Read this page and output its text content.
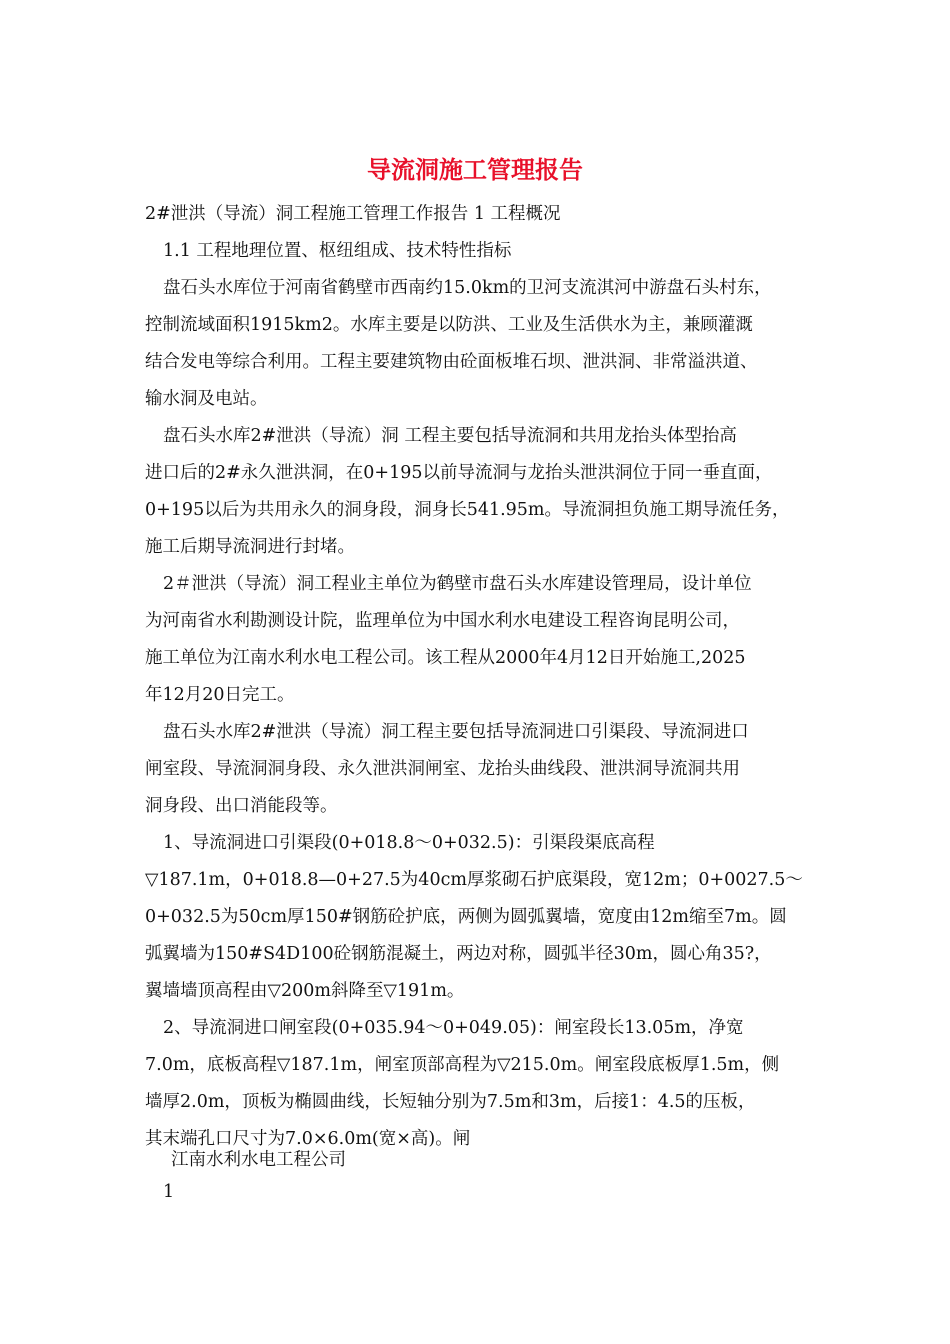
导流洞施工管理报告
2#泄洪（导流）洞工程施工管理工作报告 1 工程概况
1.1 工程地理位置、枢纽组成、技术特性指标
盘石头水库位于河南省鹤壁市西南约15.0km的卫河支流淇河中游盘石头村东，
控制流域面积1915km2。水库主要是以防洪、工业及生活供水为主，兼顾灌溉
结合发电等综合利用。工程主要建筑物由砼面板堆石坝、泄洪洞、非常溢洪道、
输水洞及电站。
盘石头水库2#泄洪（导流）洞 工程主要包括导流洞和共用龙抬头体型抬高
进口后的2#永久泄洪洞，在0+195以前导流洞与龙抬头泄洪洞位于同一垂直面，
0+195以后为共用永久的洞身段，洞身长541.95m。导流洞担负施工期导流任务，
施工后期导流洞进行封堵。
2＃泄洪（导流）洞工程业主单位为鹤壁市盘石头水库建设管理局，设计单位
为河南省水利勘测设计院，监理单位为中国水利水电建设工程咨询昆明公司，
施工单位为江南水利水电工程公司。该工程从2000年4月12日开始施工,2025
年12月20日完工。
盘石头水库2#泄洪（导流）洞工程主要包括导流洞进口引渠段、导流洞进口
闸室段、导流洞洞身段、永久泄洪洞闸室、龙抬头曲线段、泄洪洞导流洞共用
洞身段、出口消能段等。
1、导流洞进口引渠段(0+018.8～0+032.5)：引渠段渠底高程
▽187.1m，0+018.8—0+27.5为40cm厚浆砌石护底渠段，宽12m；0+0027.5～
0+032.5为50cm厚150#钢筋砼护底，两侧为圆弧翼墙，宽度由12m缩至7m。圆
弧翼墙为150#S4D100砼钢筋混凝土，两边对称，圆弧半径30m，圆心角35?，
翼墙墙顶高程由▽200m斜降至▽191m。
2、导流洞进口闸室段(0+035.94～0+049.05)：闸室段长13.05m，净宽
7.0m，底板高程▽187.1m，闸室顶部高程为▽215.0m。闸室段底板厚1.5m，侧
墙厚2.0m，顶板为椭圆曲线，长短轴分别为7.5m和3m，后接1：4.5的压板，
其末端孔口尺寸为7.0×6.0m(宽×高)。闸
江南水利水电工程公司
1
